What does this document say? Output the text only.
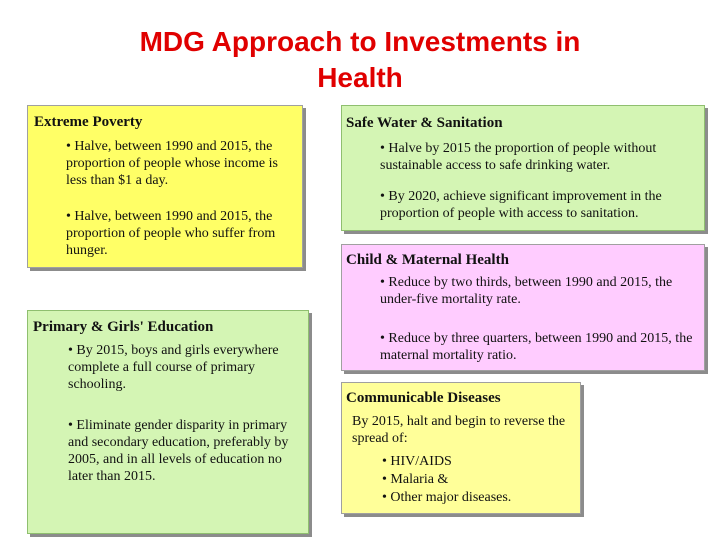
MDG Approach to Investments in
Health
Extreme Poverty
• Halve, between 1990 and 2015, the proportion of people whose income is less than $1 a day.
• Halve, between 1990 and 2015, the proportion of people who suffer from hunger.
Primary & Girls' Education
• By 2015, boys and girls everywhere complete a full course of primary schooling.
• Eliminate gender disparity in primary and secondary education, preferably by 2005, and in all levels of education no later than 2015.
Safe Water & Sanitation
• Halve by 2015 the proportion of people without sustainable access to safe drinking water.
• By 2020, achieve significant improvement in the proportion of people with access to sanitation.
Child & Maternal Health
• Reduce by two thirds, between 1990 and 2015, the under-five mortality rate.
• Reduce by three quarters, between 1990 and 2015, the maternal mortality ratio.
Communicable Diseases
By 2015, halt and begin to reverse the spread of:
• HIV/AIDS
• Malaria &
• Other major diseases.
